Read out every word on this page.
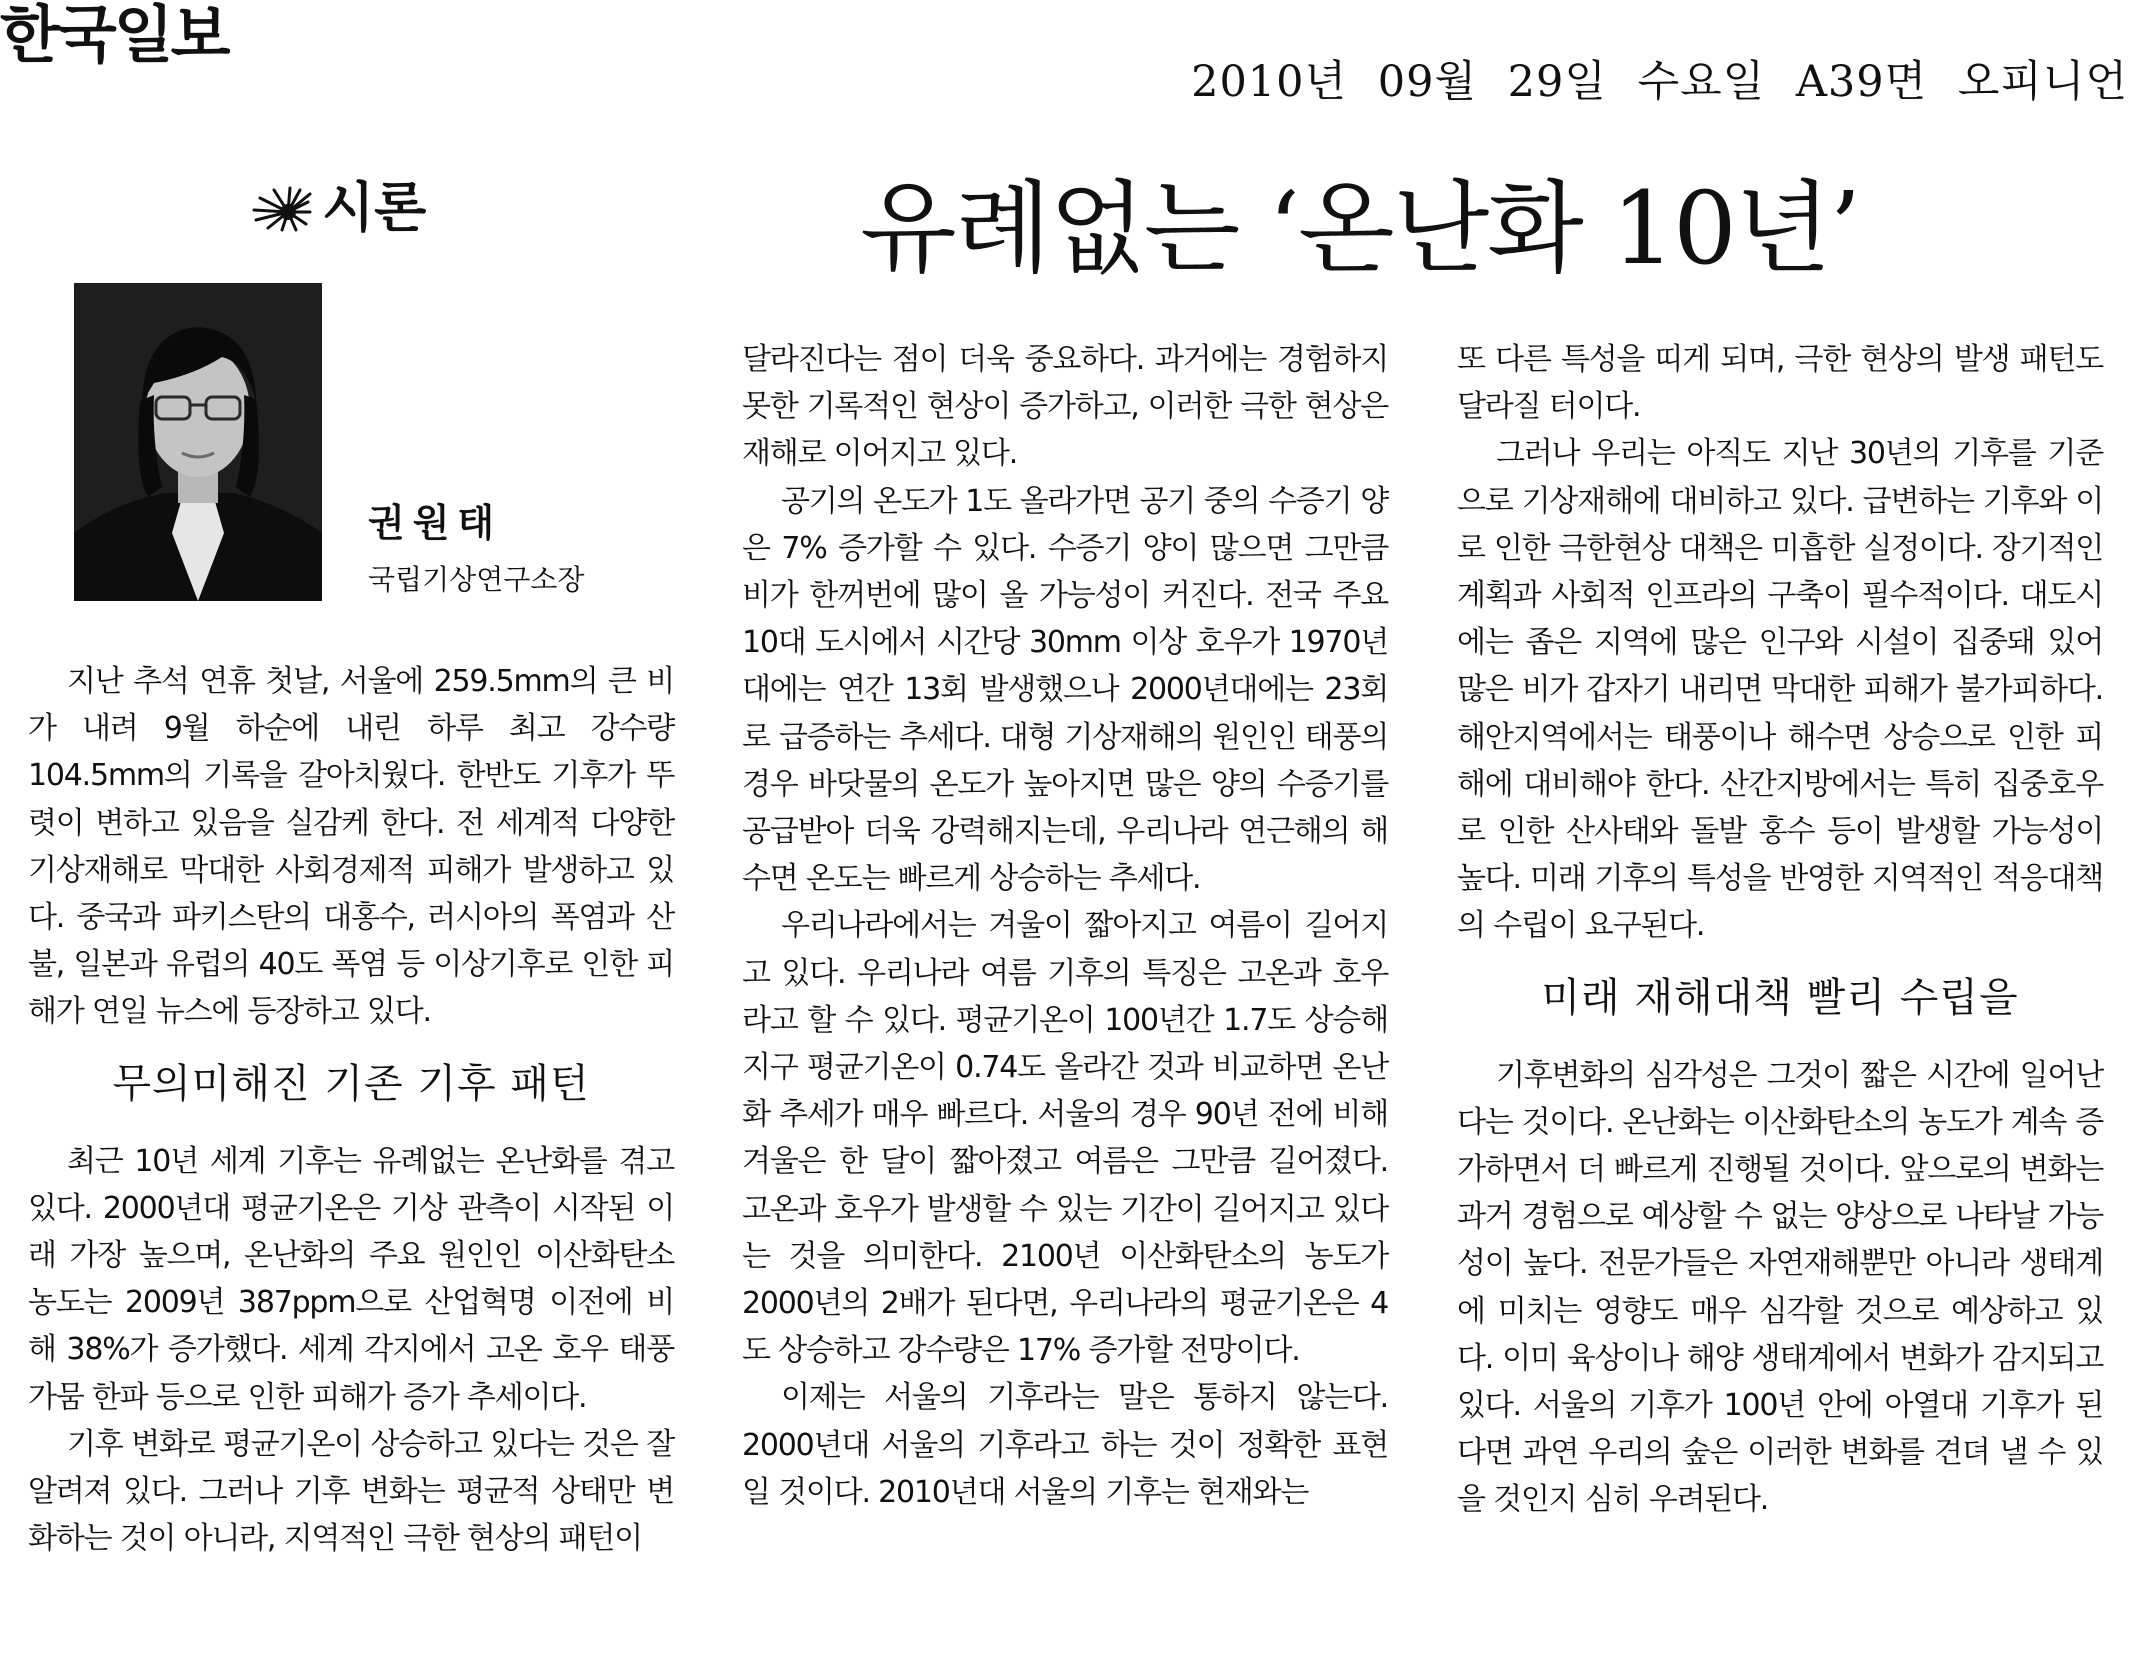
한국일보
2010년 09월 29일 수요일 A39면 오피니언
시론	유례없는 ‘온난화 10년’
권원태
국립기상연구소장

지난 추석 연휴 첫날, 서울에 259.5mm의 큰 비가 내려 9월 하순에 내린 하루 최고 강수량 104.5mm의 기록을 갈아치웠다. 한반도 기후가 뚜렷이 변하고 있음을 실감케 한다. 전 세계적 다양한 기상재해로 막대한 사회경제적 피해가 발생하고 있다. 중국과 파키스탄의 대홍수, 러시아의 폭염과 산불, 일본과 유럽의 40도 폭염 등 이상기후로 인한 피해가 연일 뉴스에 등장하고 있다.

무의미해진 기존 기후 패턴

최근 10년 세계 기후는 유례없는 온난화를 겪고 있다. 2000년대 평균기온은 기상 관측이 시작된 이래 가장 높으며, 온난화의 주요 원인인 이산화탄소 농도는 2009년 387ppm으로 산업혁명 이전에 비해 38%가 증가했다. 세계 각지에서 고온 호우 태풍 가뭄 한파 등으로 인한 피해가 증가 추세이다.

기후 변화로 평균기온이 상승하고 있다는 것은 잘 알려져 있다. 그러나 기후 변화는 평균적 상태만 변화하는 것이 아니라, 지역적인 극한 현상의 패턴이

달라진다는 점이 더욱 중요하다. 과거에는 경험하지 못한 기록적인 현상이 증가하고, 이러한 극한 현상은 재해로 이어지고 있다.

공기의 온도가 1도 올라가면 공기 중의 수증기 양은 7% 증가할 수 있다. 수증기 양이 많으면 그만큼 비가 한꺼번에 많이 올 가능성이 커진다. 전국 주요 10대 도시에서 시간당 30mm 이상 호우가 1970년대에는 연간 13회 발생했으나 2000년대에는 23회로 급증하는 추세다. 대형 기상재해의 원인인 태풍의 경우 바닷물의 온도가 높아지면 많은 양의 수증기를 공급받아 더욱 강력해지는데, 우리나라 연근해의 해수면 온도는 빠르게 상승하는 추세다.

우리나라에서는 겨울이 짧아지고 여름이 길어지고 있다. 우리나라 여름 기후의 특징은 고온과 호우라고 할 수 있다. 평균기온이 100년간 1.7도 상승해 지구 평균기온이 0.74도 올라간 것과 비교하면 온난화 추세가 매우 빠르다. 서울의 경우 90년 전에 비해 겨울은 한 달이 짧아졌고 여름은 그만큼 길어졌다. 고온과 호우가 발생할 수 있는 기간이 길어지고 있다는 것을 의미한다. 2100년 이산화탄소의 농도가 2000년의 2배가 된다면, 우리나라의 평균기온은 4도 상승하고 강수량은 17% 증가할 전망이다.

이제는 서울의 기후라는 말은 통하지 않는다. 2000년대 서울의 기후라고 하는 것이 정확한 표현일 것이다. 2010년대 서울의 기후는 현재와는

또 다른 특성을 띠게 되며, 극한 현상의 발생 패턴도 달라질 터이다.

그러나 우리는 아직도 지난 30년의 기후를 기준으로 기상재해에 대비하고 있다. 급변하는 기후와 이로 인한 극한현상 대책은 미흡한 실정이다. 장기적인 계획과 사회적 인프라의 구축이 필수적이다. 대도시에는 좁은 지역에 많은 인구와 시설이 집중돼 있어 많은 비가 갑자기 내리면 막대한 피해가 불가피하다. 해안지역에서는 태풍이나 해수면 상승으로 인한 피해에 대비해야 한다. 산간지방에서는 특히 집중호우로 인한 산사태와 돌발 홍수 등이 발생할 가능성이 높다. 미래 기후의 특성을 반영한 지역적인 적응대책의 수립이 요구된다.

미래 재해대책 빨리 수립을

기후변화의 심각성은 그것이 짧은 시간에 일어난다는 것이다. 온난화는 이산화탄소의 농도가 계속 증가하면서 더 빠르게 진행될 것이다. 앞으로의 변화는 과거 경험으로 예상할 수 없는 양상으로 나타날 가능성이 높다. 전문가들은 자연재해뿐만 아니라 생태계에 미치는 영향도 매우 심각할 것으로 예상하고 있다. 이미 육상이나 해양 생태계에서 변화가 감지되고 있다. 서울의 기후가 100년 안에 아열대 기후가 된다면 과연 우리의 숲은 이러한 변화를 견뎌 낼 수 있을 것인지 심히 우려된다.
